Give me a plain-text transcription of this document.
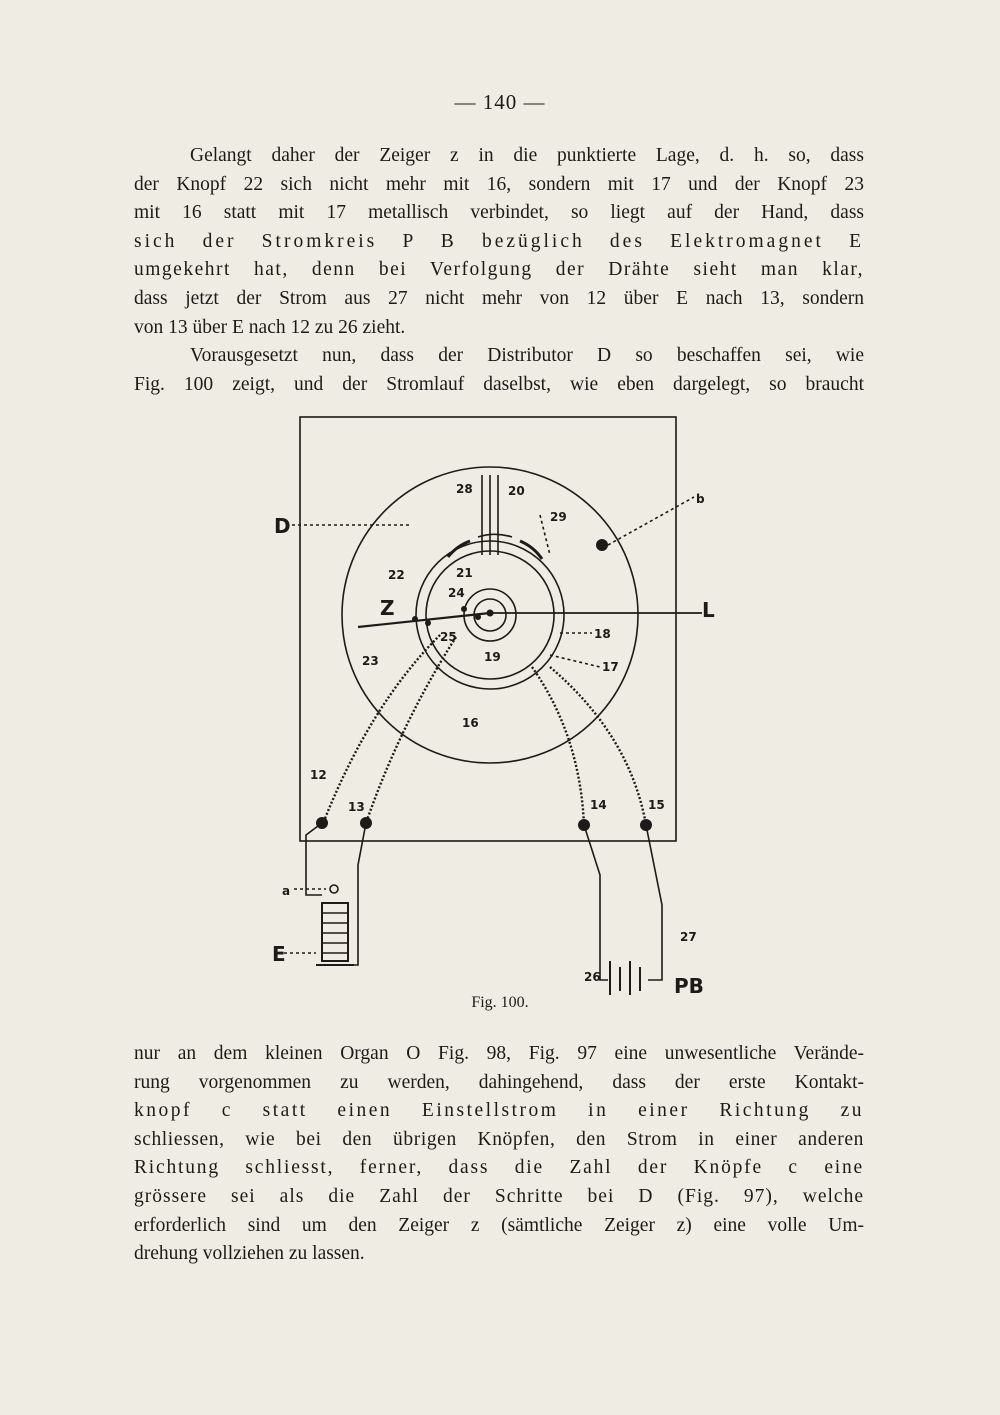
— 140 —

Gelangt daher der Zeiger z in die punktierte Lage, d. h. so, dass
der Knopf 22 sich nicht mehr mit 16, sondern mit 17 und der Knopf 23
mit 16 statt mit 17 metallisch verbindet, so liegt auf der Hand, dass
sich der Stromkreis P B bezüglich des Elektromagnet E
umgekehrt hat, denn bei Verfolgung der Drähte sieht man klar,
dass jetzt der Strom aus 27 nicht mehr von 12 über E nach 13, sondern
von 13 über E nach 12 zu 26 zieht.

Vorausgesetzt nun, dass der Distributor D so beschaffen sei, wie
Fig. 100 zeigt, und der Stromlauf daselbst, wie eben dargelegt, so braucht

D
b
Z	L
28	20
29
22	21
24
18
25
23	19
17
16
12
13	14	15
a
E
27
26	PB
Fig. 100.

nur an dem kleinen Organ O Fig. 98, Fig. 97 eine unwesentliche Verände-
rung vorgenommen zu werden, dahingehend, dass der erste Kontakt-
knopf c statt einen Einstellstrom in einer Richtung zu
schliessen, wie bei den übrigen Knöpfen, den Strom in einer anderen
Richtung schliesst, ferner, dass die Zahl der Knöpfe c eine
grössere sei als die Zahl der Schritte bei D (Fig. 97), welche
erforderlich sind um den Zeiger z (sämtliche Zeiger z) eine volle Um-
drehung vollziehen zu lassen.
